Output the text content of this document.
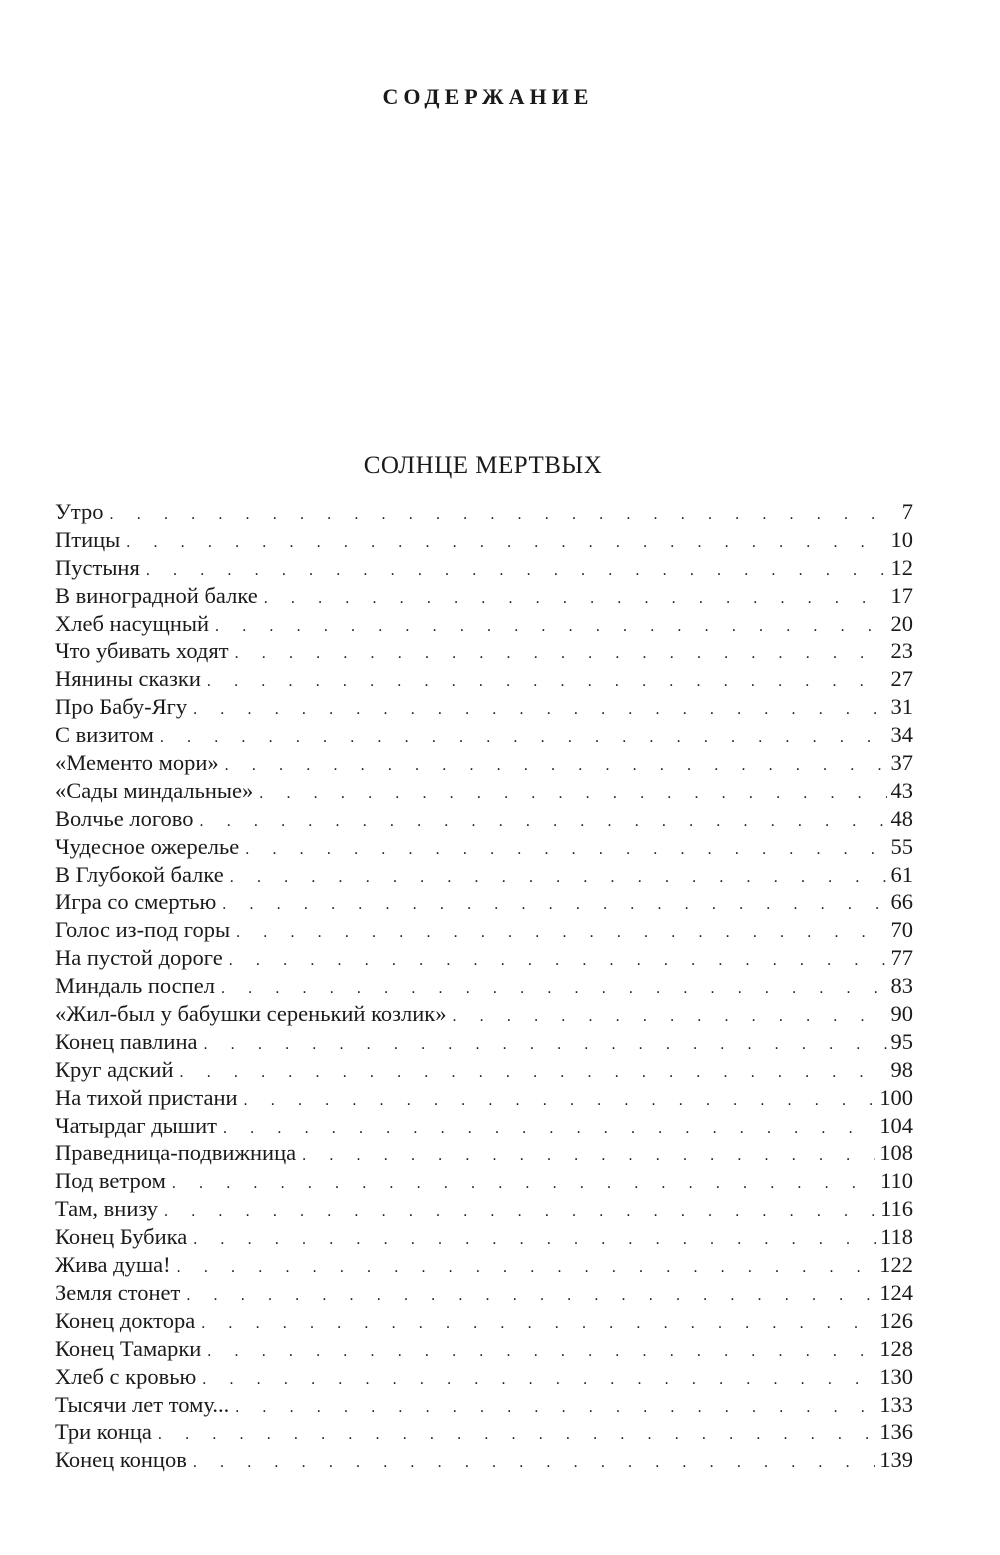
СОДЕРЖАНИЕ
СОЛНЦЕ МЕРТВЫХ
Утро . . .	7
Птицы . . .	10
Пустыня . . .	12
В виноградной балке . . .	17
Хлеб насущный . . .	20
Что убивать ходят . . .	23
Нянины сказки . . .	27
Про Бабу-Ягу . . .	31
С визитом . . .	34
«Мементо мори» . . .	37
«Сады миндальные» . . .	43
Волчье логово . . .	48
Чудесное ожерелье . . .	55
В Глубокой балке . . .	61
Игра со смертью . . .	66
Голос из-под горы . . .	70
На пустой дороге . . .	77
Миндаль поспел . . .	83
«Жил-был у бабушки серенький козлик» . . .	90
Конец павлина . . .	95
Круг адский . . .	98
На тихой пристани . . .	100
Чатырдаг дышит . . .	104
Праведница-подвижница . . .	108
Под ветром . . .	110
Там, внизу . . .	116
Конец Бубика . . .	118
Жива душа! . . .	122
Земля стонет . . .	124
Конец доктора . . .	126
Конец Тамарки . . .	128
Хлеб с кровью . . .	130
Тысячи лет тому... . . .	133
Три конца . . .	136
Конец концов . . .	139
